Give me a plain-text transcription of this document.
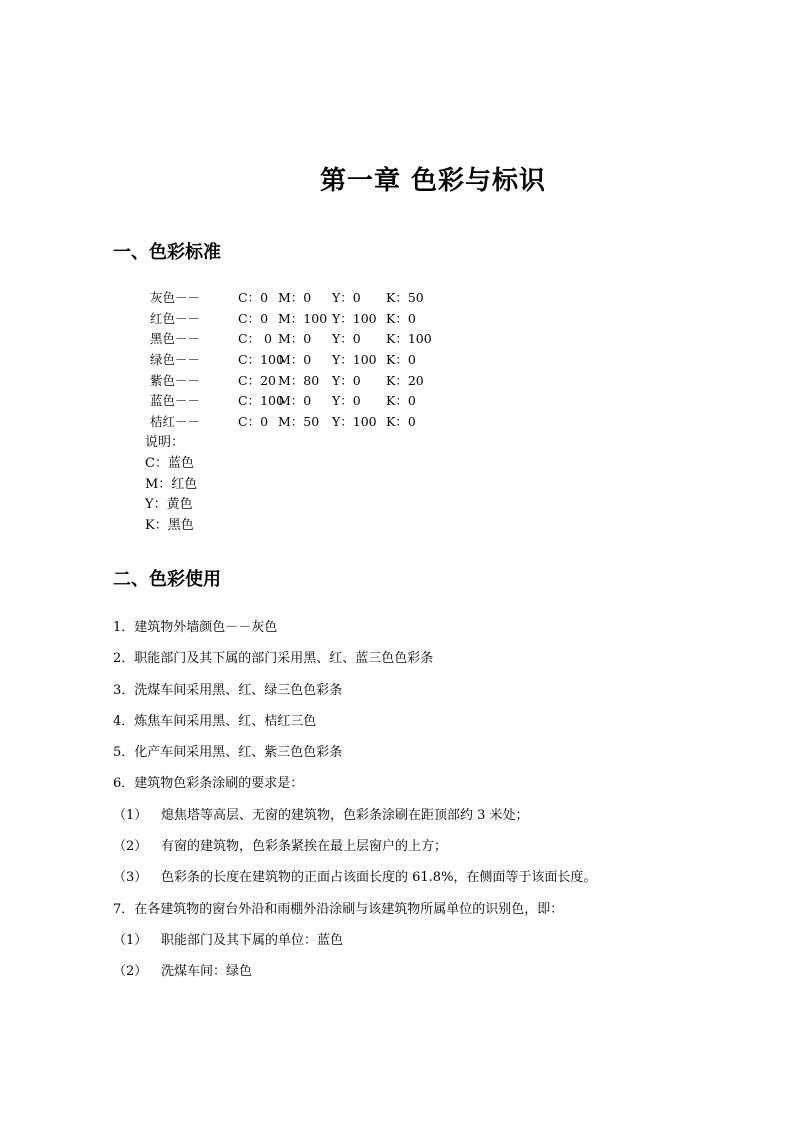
第一章 色彩与标识
一、色彩标准
灰色－－	C：0 M：0 Y：0 K：50
红色－－	C：0 M：100 Y：100 K：0
黑色－－	C： 0 M：0 Y：0 K：100
绿色－－	C：100M：0 Y：100 K：0
紫色－－	C：20 M：80 Y：0 K：20
蓝色－－	C：100M：0 Y：0 K：0
桔红－－	C：0 M：50 Y：100 K：0
说明：
C：蓝色
M：红色
Y：黄色
K：黑色
二、色彩使用
1．建筑物外墙颜色－－灰色
2．职能部门及其下属的部门采用黑、红、蓝三色色彩条
3．洗煤车间采用黑、红、绿三色色彩条
4．炼焦车间采用黑、红、桔红三色
5．化产车间采用黑、红、紫三色色彩条
6．建筑物色彩条涂刷的要求是：
（1） 熄焦塔等高层、无窗的建筑物，色彩条涂刷在距顶部约 3 米处；
（2） 有窗的建筑物，色彩条紧挨在最上层窗户的上方；
（3） 色彩条的长度在建筑物的正面占该面长度的 61.8%，在侧面等于该面长度。
7．在各建筑物的窗台外沿和雨棚外沿涂刷与该建筑物所属单位的识别色，即：
（1） 职能部门及其下属的单位：蓝色
（2） 洗煤车间：绿色
